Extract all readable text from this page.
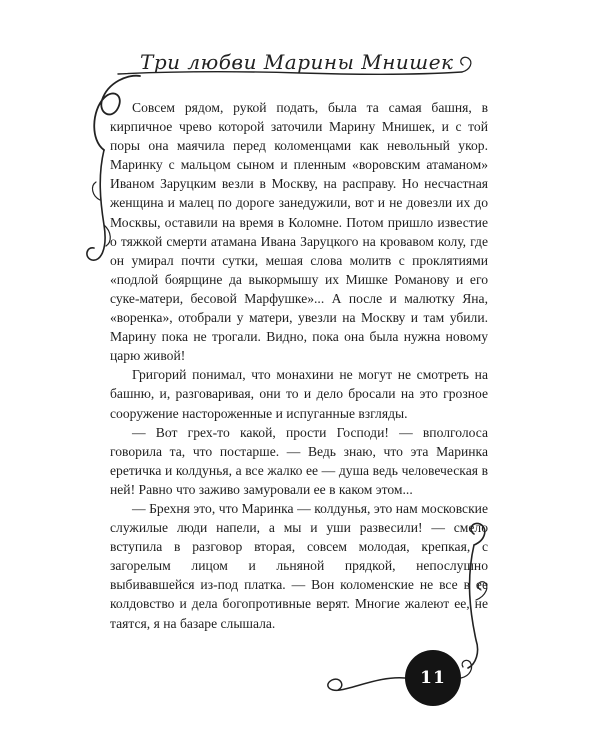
Три любви Марины Мнишек

Совсем рядом, рукой подать, была та самая башня, в кирпичное чрево которой заточили Марину Мнишек, и с той поры она маячила перед коломенцами как невольный укор. Маринку с мальцом сыном и пленным «воровским атаманом» Иваном Заруцким везли в Москву, на расправу. Но несчастная женщина и малец по дороге занедужили, вот и не довезли их до Москвы, оставили на время в Коломне. Потом пришло известие о тяжкой смерти атамана Ивана Заруцкого на кровавом колу, где он умирал почти сутки, мешая слова молитв с проклятиями «подлой боярщине да выкормышу их Мишке Романову и его суке-матери, бесовой Марфушке»... А после и малютку Яна, «воренка», отобрали у матери, увезли на Москву и там убили. Марину пока не трогали. Видно, пока она была нужна новому царю живой!

Григорий понимал, что монахини не могут не смотреть на башню, и, разговаривая, они то и дело бросали на это грозное сооружение настороженные и испуганные взгляды.

— Вот грех-то какой, прости Господи! — вполголоса говорила та, что постарше. — Ведь знаю, что эта Маринка еретичка и колдунья, а все жалко ее — душа ведь человеческая в ней! Равно что заживо замуровали ее в каком этом...

— Брехня это, что Маринка — колдунья, это нам московские служилые люди напели, а мы и уши развесили! — смело вступила в разговор вторая, совсем молодая, крепкая, с загорелым лицом и льняной прядкой, непослушно выбивавшейся из-под платка. — Вон коломенские не все в ее колдовство и дела богопротивные верят. Многие жалеют ее, не таятся, я на базаре слышала.

11
